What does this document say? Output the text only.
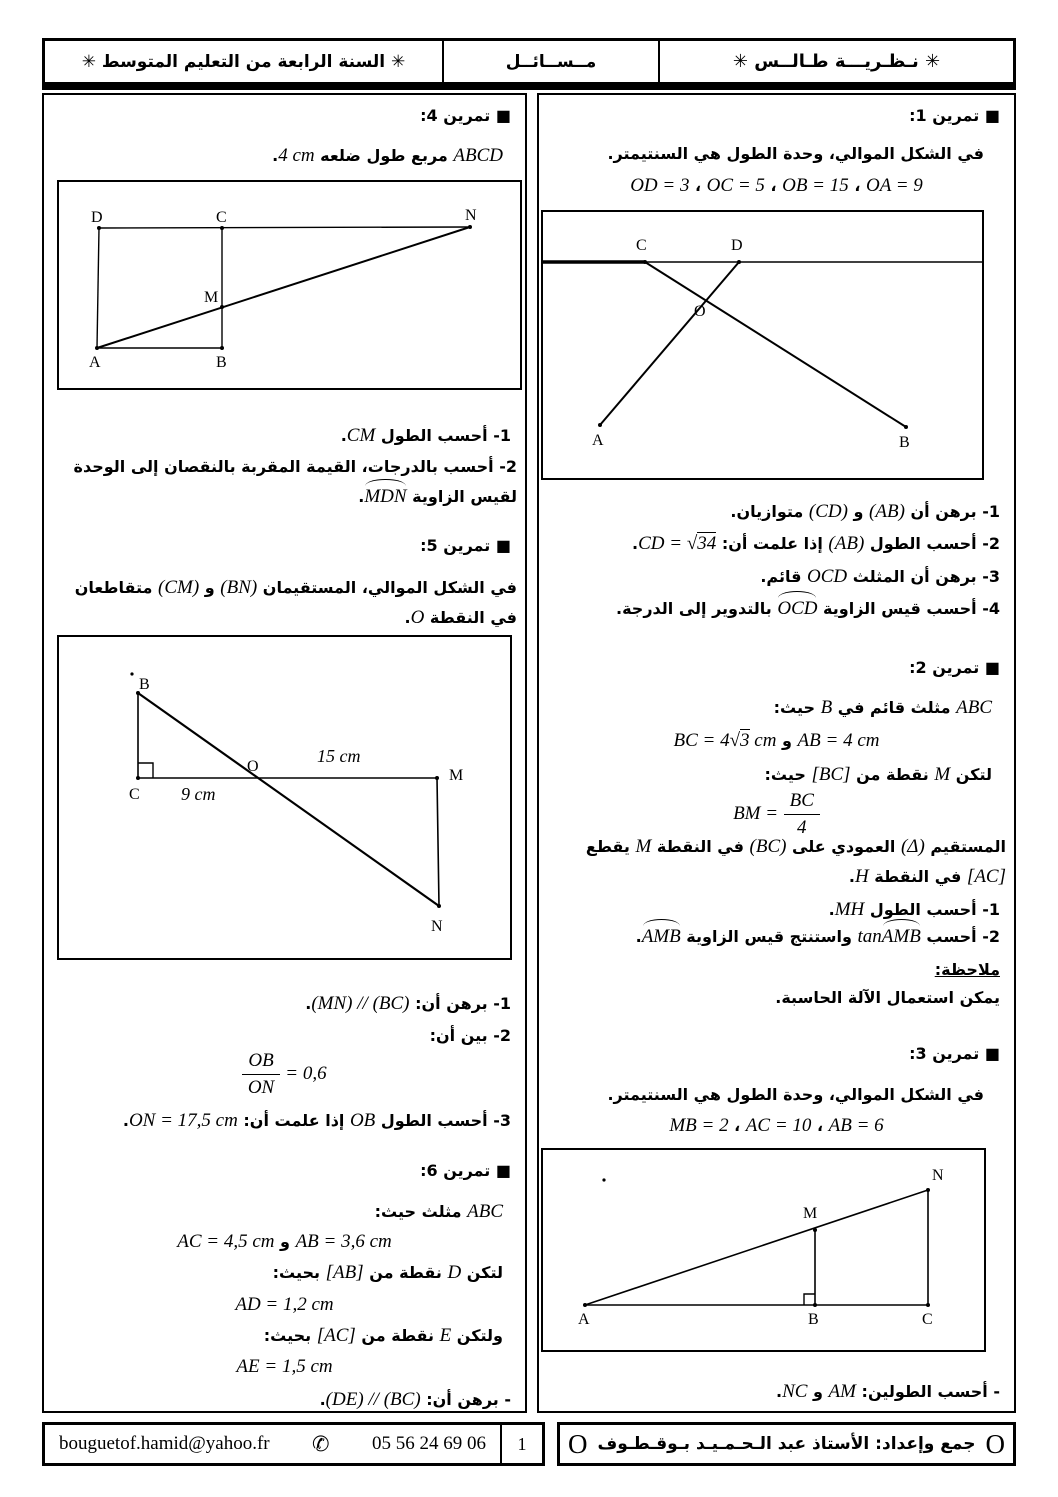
✳ نـظـريـــة طـالــس ✳
مــســائــل
✳ السنة الرابعة من التعليم المتوسط ✳
■ تمرين 1:
في الشكل الموالي، وحدة الطول هي السنتيمتر.
OA = 9 ، OB = 15 ، OC = 5 ، OD = 3
C	D
O
A	B
1- برهن أن (AB) و (CD) متوازيان.
2- أحسب الطول (AB) إذا علمت أن: CD = √34.
3- برهن أن المثلث OCD قائم.
4- أحسب قيس الزاوية OCD بالتدوير إلى الدرجة.
■ تمرين 2:
ABC مثلث قائم في B حيث:
AB = 4 cm و BC = 4√3 cm
لتكن M نقطة من [BC] حيث:
BM = $\frac{BC}{4}$
المستقيم (Δ) العمودي على (BC) في النقطة M يقطع [AC] في النقطة H.
1- أحسب الطول MH.
2- أحسب tanAMB واستنتج قيس الزاوية AMB.
ملاحظة:
يمكن استعمال الآلة الحاسبة.
■ تمرين 3:
في الشكل الموالي، وحدة الطول هي السنتيمتر.
AB = 6 ، AC = 10 ، MB = 2
A	B	C
N
M
- أحسب الطولين: AM و NC.
■ تمرين 4:
ABCD مربع طول ضلعه 4 cm.
D	C	N
M
A	B
1- أحسب الطول CM.
2- أحسب بالدرجات، القيمة المقربة بالنقصان إلى الوحدة لقيس الزاوية MDN.
■ تمرين 5:
في الشكل الموالي، المستقيمان (BN) و (CM) متقاطعان في النقطة O.
B
C 9 cm
O
15 cm
M
N
1- برهن أن: (MN) // (BC).
2- بين أن:
$\frac{OB}{ON} = 0,6$
3- أحسب الطول OB إذا علمت أن: ON = 17,5 cm.
■ تمرين 6:
ABC مثلث حيث:
AB = 3,6 cm و AC = 4,5 cm
لتكن D نقطة من [AB] بحيث:
AD = 1,2 cm
ولتكن E نقطة من [AC] بحيث:
AE = 1,5 cm
- برهن أن: (DE) // (BC).
bouguetof.hamid@yahoo.fr ✆ 05 56 24 69 06	1	O
جمع وإعداد: الأستاذ عبد الـحـمـيـد بـوقـطـوف
O
